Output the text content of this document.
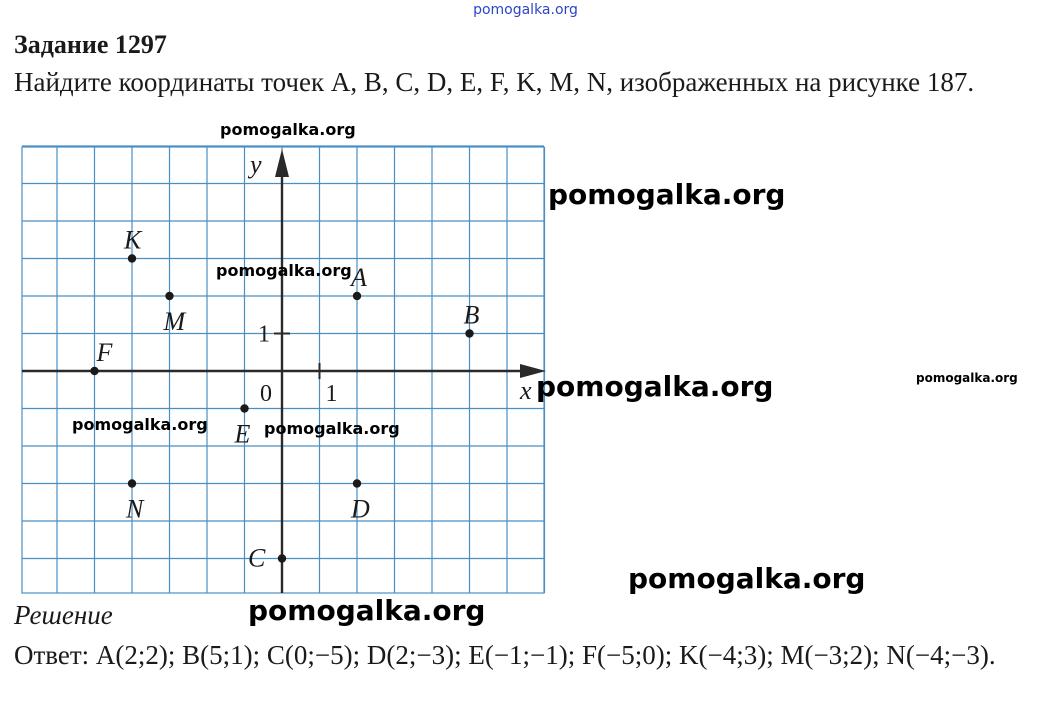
pomogalka.org
Задание 1297
Найдите координаты точек A, B, C, D, E, F, K, M, N, изображенных на рисунке 187.
x
y
0 1
1
A
B
C
D
E
F
K
M
N
pomogalka.org
pomogalka.org
pomogalka.org
pomogalka.org	pomogalka.org
pomogalka.org	pomogalka.org
pomogalka.org
pomogalka.org
Решение
Ответ: A(2;2); B(5;1); C(0;−5); D(2;−3); E(−1;−1); F(−5;0); K(−4;3); M(−3;2); N(−4;−3).
